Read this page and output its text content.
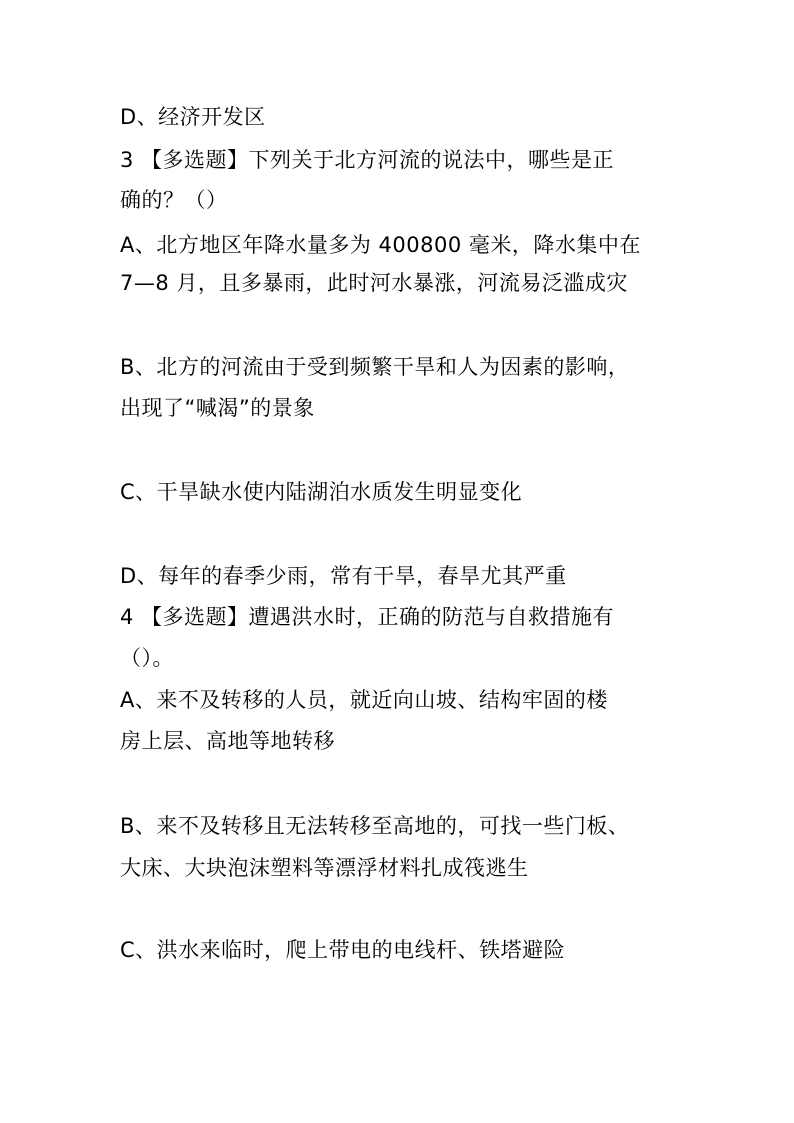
D、经济开发区
3 【多选题】下列关于北方河流的说法中，哪些是正
确的？（）
A、北方地区年降水量多为 400800 毫米，降水集中在
7—8 月，且多暴雨，此时河水暴涨，河流易泛滥成灾
B、北方的河流由于受到频繁干旱和人为因素的影响，
出现了“喊渴”的景象
C、干旱缺水使内陆湖泊水质发生明显变化
D、每年的春季少雨，常有干旱，春旱尤其严重
4 【多选题】遭遇洪水时，正确的防范与自救措施有
（）。
A、来不及转移的人员，就近向山坡、结构牢固的楼
房上层、高地等地转移
B、来不及转移且无法转移至高地的，可找一些门板、
大床、大块泡沫塑料等漂浮材料扎成筏逃生
C、洪水来临时，爬上带电的电线杆、铁塔避险
